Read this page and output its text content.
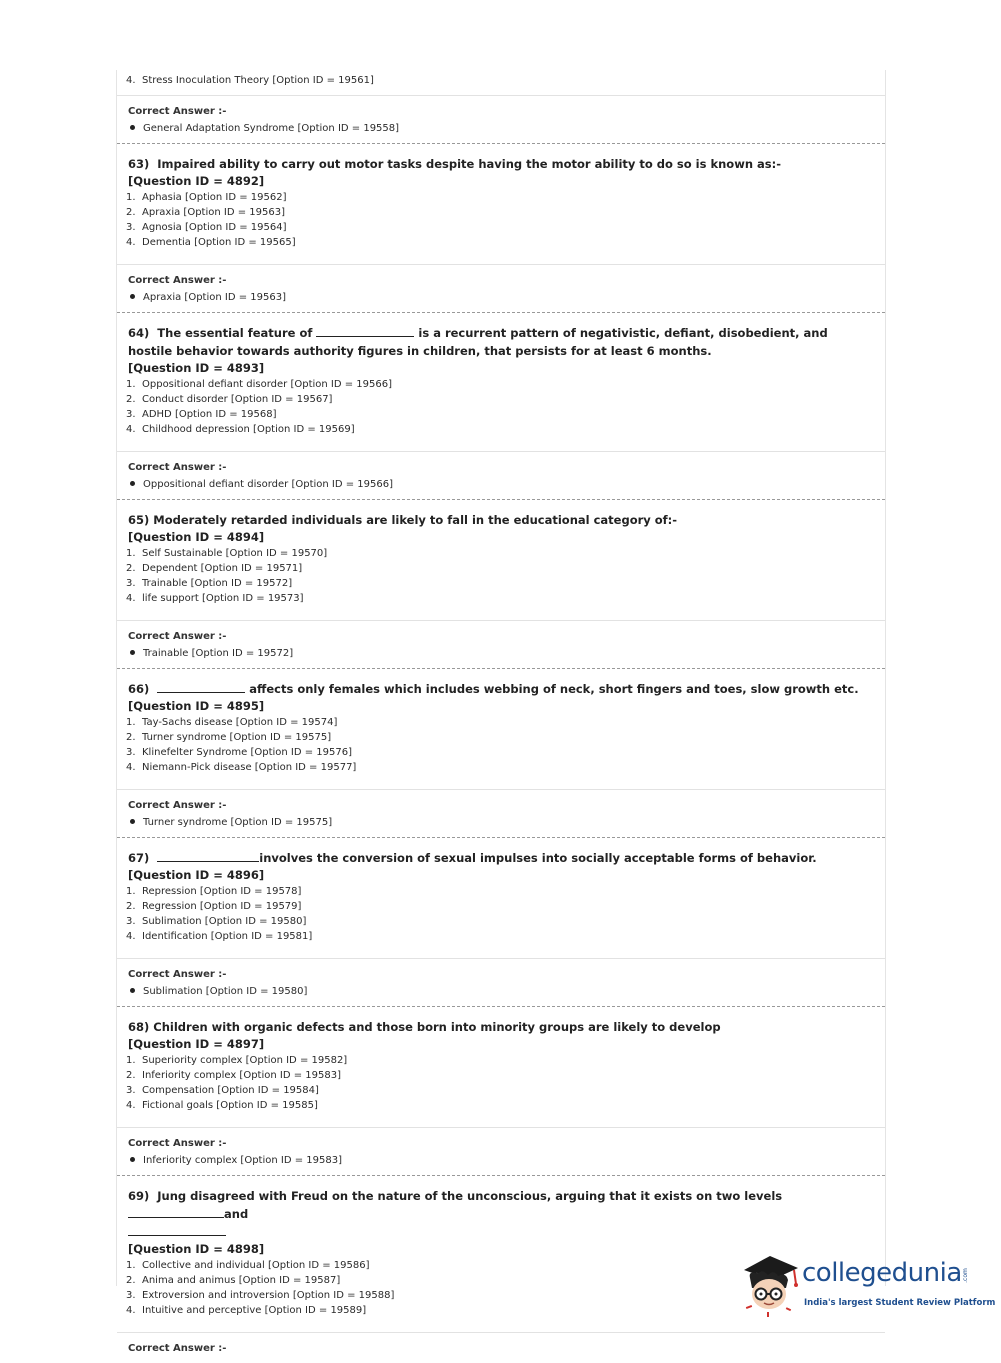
4. Stress Inoculation Theory [Option ID = 19561]
Correct Answer :-
General Adaptation Syndrome [Option ID = 19558]
63) Impaired ability to carry out motor tasks despite having the motor ability to do so is known as:-
[Question ID = 4892]
1. Aphasia [Option ID = 19562]
2. Apraxia [Option ID = 19563]
3. Agnosia [Option ID = 19564]
4. Dementia [Option ID = 19565]
Correct Answer :-
Apraxia [Option ID = 19563]
64) The essential feature of	is a recurrent pattern of negativistic, defiant, disobedient, and hostile behavior towards authority figures in children, that persists for at least 6 months.
[Question ID = 4893]
1. Oppositional defiant disorder [Option ID = 19566]
2. Conduct disorder [Option ID = 19567]
3. ADHD [Option ID = 19568]
4. Childhood depression [Option ID = 19569]
Correct Answer :-
Oppositional defiant disorder [Option ID = 19566]
65) Moderately retarded individuals are likely to fall in the educational category of:-
[Question ID = 4894]
1. Self Sustainable [Option ID = 19570]
2. Dependent [Option ID = 19571]
3. Trainable [Option ID = 19572]
4. life support [Option ID = 19573]
Correct Answer :-
Trainable [Option ID = 19572]
66)	affects only females which includes webbing of neck, short fingers and toes, slow growth etc.
[Question ID = 4895]
1. Tay-Sachs disease [Option ID = 19574]
2. Turner syndrome [Option ID = 19575]
3. Klinefelter Syndrome [Option ID = 19576]
4. Niemann-Pick disease [Option ID = 19577]
Correct Answer :-
Turner syndrome [Option ID = 19575]
67)	involves the conversion of sexual impulses into socially acceptable forms of behavior.
[Question ID = 4896]
1. Repression [Option ID = 19578]
2. Regression [Option ID = 19579]
3. Sublimation [Option ID = 19580]
4. Identification [Option ID = 19581]
Correct Answer :-
Sublimation [Option ID = 19580]
68) Children with organic defects and those born into minority groups are likely to develop
[Question ID = 4897]
1. Superiority complex [Option ID = 19582]
2. Inferiority complex [Option ID = 19583]
3. Compensation [Option ID = 19584]
4. Fictional goals [Option ID = 19585]
Correct Answer :-
Inferiority complex [Option ID = 19583]
69) Jung disagreed with Freud on the nature of the unconscious, arguing that it exists on two levels and

[Question ID = 4898]
1. Collective and individual [Option ID = 19586]
2. Anima and animus [Option ID = 19587]
3. Extroversion and introversion [Option ID = 19588]
4. Intuitive and perceptive [Option ID = 19589]
Correct Answer :-
collegedunia .com
India's largest Student Review Platform
